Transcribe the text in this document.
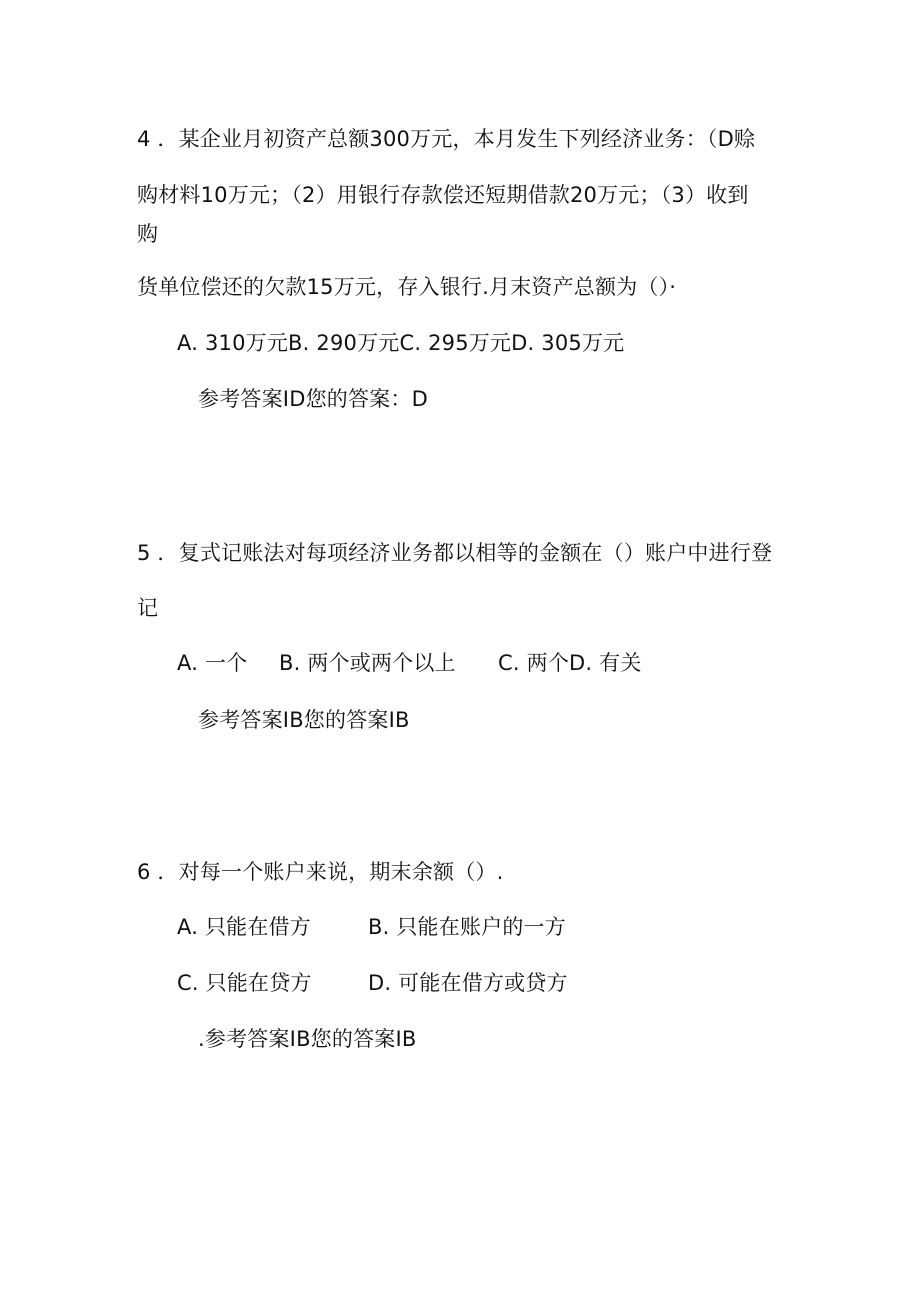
4 ．某企业月初资产总额300万元，本月发生下列经济业务：（D赊
购材料10万元；（2）用银行存款偿还短期借款20万元；（3）收到
购
货单位偿还的欠款15万元，存入银行.月末资产总额为（）·
A. 310万元B. 290万元C. 295万元D. 305万元
参考答案ID您的答案：D
5 ．复式记账法对每项经济业务都以相等的金额在（）账户中进行登
记
A. 一个 B. 两个或两个以上 C. 两个D. 有关
参考答案IB您的答案IB
6 ．对每一个账户来说，期末余额（）.
A. 只能在借方	B. 只能在账户的一方
C. 只能在贷方	D. 可能在借方或贷方
.参考答案IB您的答案IB
